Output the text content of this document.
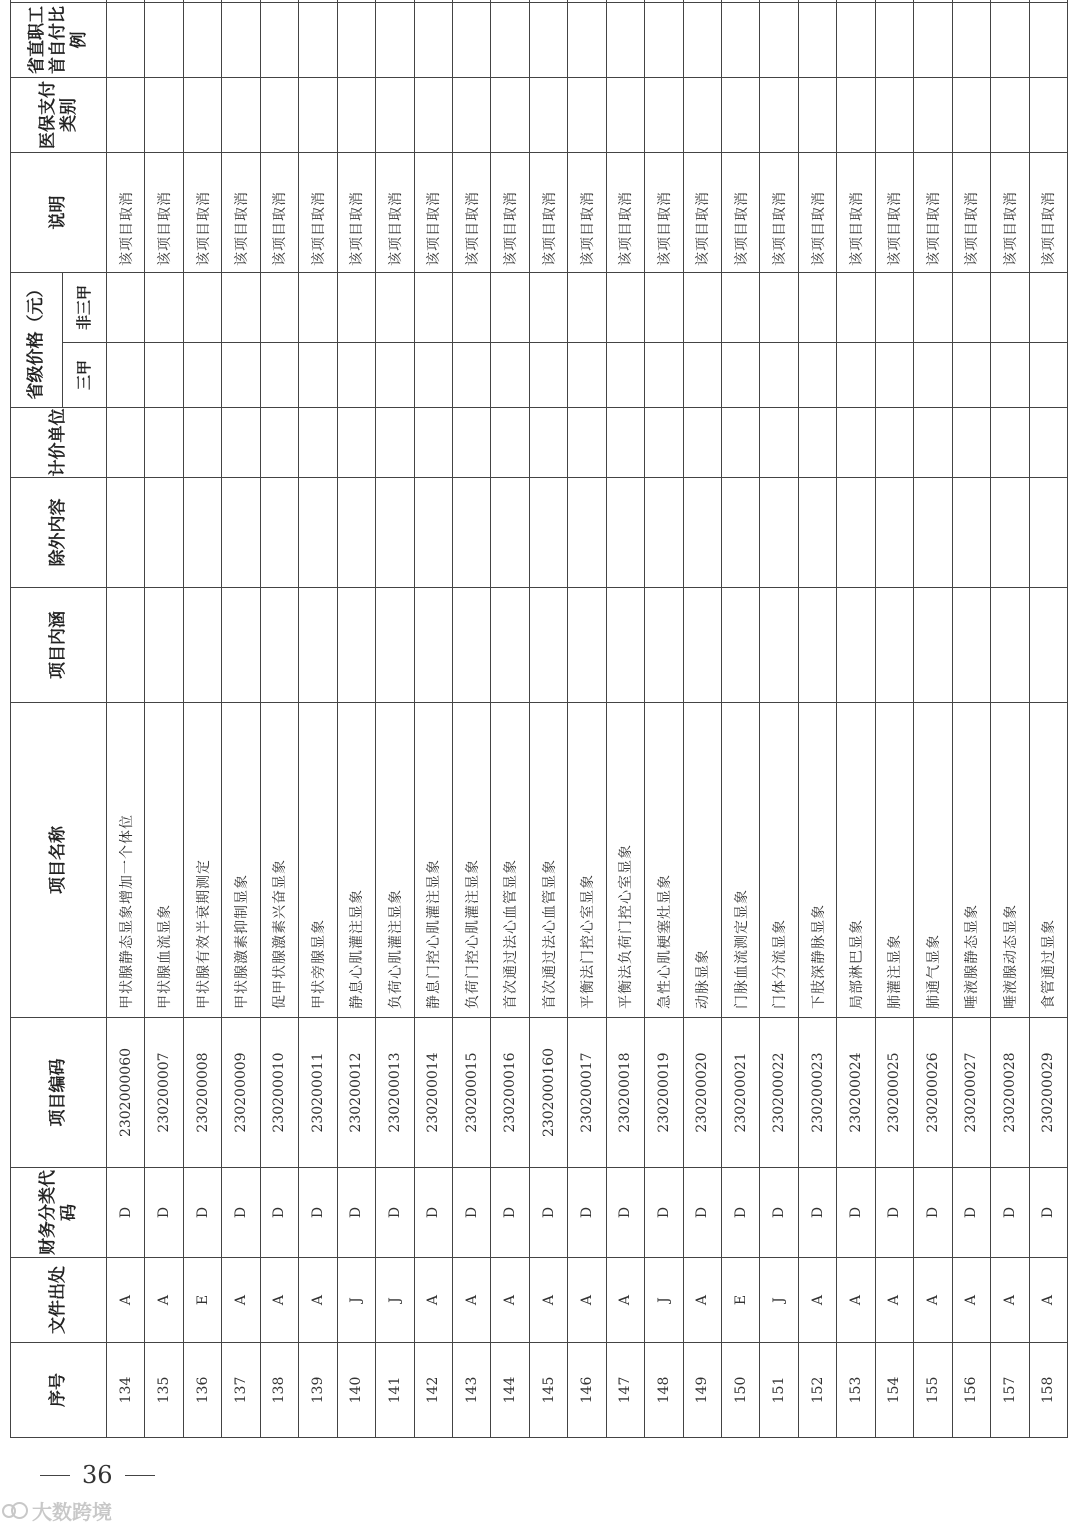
序号	文件出处	财务分类代码	项目编码	项目名称	项目内涵	除外内容	计价单位	省级价格（元）		说明	医保支付类别	省直职工首自付比例	
								三甲	非三甲				
134	A	D	2302000060	甲状腺静态显象增加一个体位						该项目取消			
135	A	D	230200007	甲状腺血流显象						该项目取消			
136	E	D	230200008	甲状腺有效半衰期测定						该项目取消			
137	A	D	230200009	甲状腺激素抑制显象						该项目取消			
138	A	D	230200010	促甲状腺激素兴奋显象						该项目取消			
139	A	D	230200011	甲状旁腺显象						该项目取消			
140	J	D	230200012	静息心肌灌注显象						该项目取消			
141	J	D	230200013	负荷心肌灌注显象						该项目取消			
142	A	D	230200014	静息门控心肌灌注显象						该项目取消			
143	A	D	230200015	负荷门控心肌灌注显象						该项目取消			
144	A	D	230200016	首次通过法心血管显象						该项目取消			
145	A	D	2302000160	首次通过法心血管显象						该项目取消			
146	A	D	230200017	平衡法门控心室显象						该项目取消			
147	A	D	230200018	平衡法负荷门控心室显象						该项目取消			
148	J	D	230200019	急性心肌梗塞灶显象						该项目取消			
149	A	D	230200020	动脉显象						该项目取消			
150	E	D	230200021	门脉血流测定显象						该项目取消			
151	J	D	230200022	门体分流显象						该项目取消			
152	A	D	230200023	下肢深静脉显象						该项目取消			
153	A	D	230200024	局部淋巴显象						该项目取消			
154	A	D	230200025	肺灌注显象						该项目取消			
155	A	D	230200026	肺通气显象						该项目取消			
156	A	D	230200027	唾液腺静态显象						该项目取消			
157	A	D	230200028	唾液腺动态显象						该项目取消			
158	A	D	230200029	食管通过显象						该项目取消			
36
大数跨境
